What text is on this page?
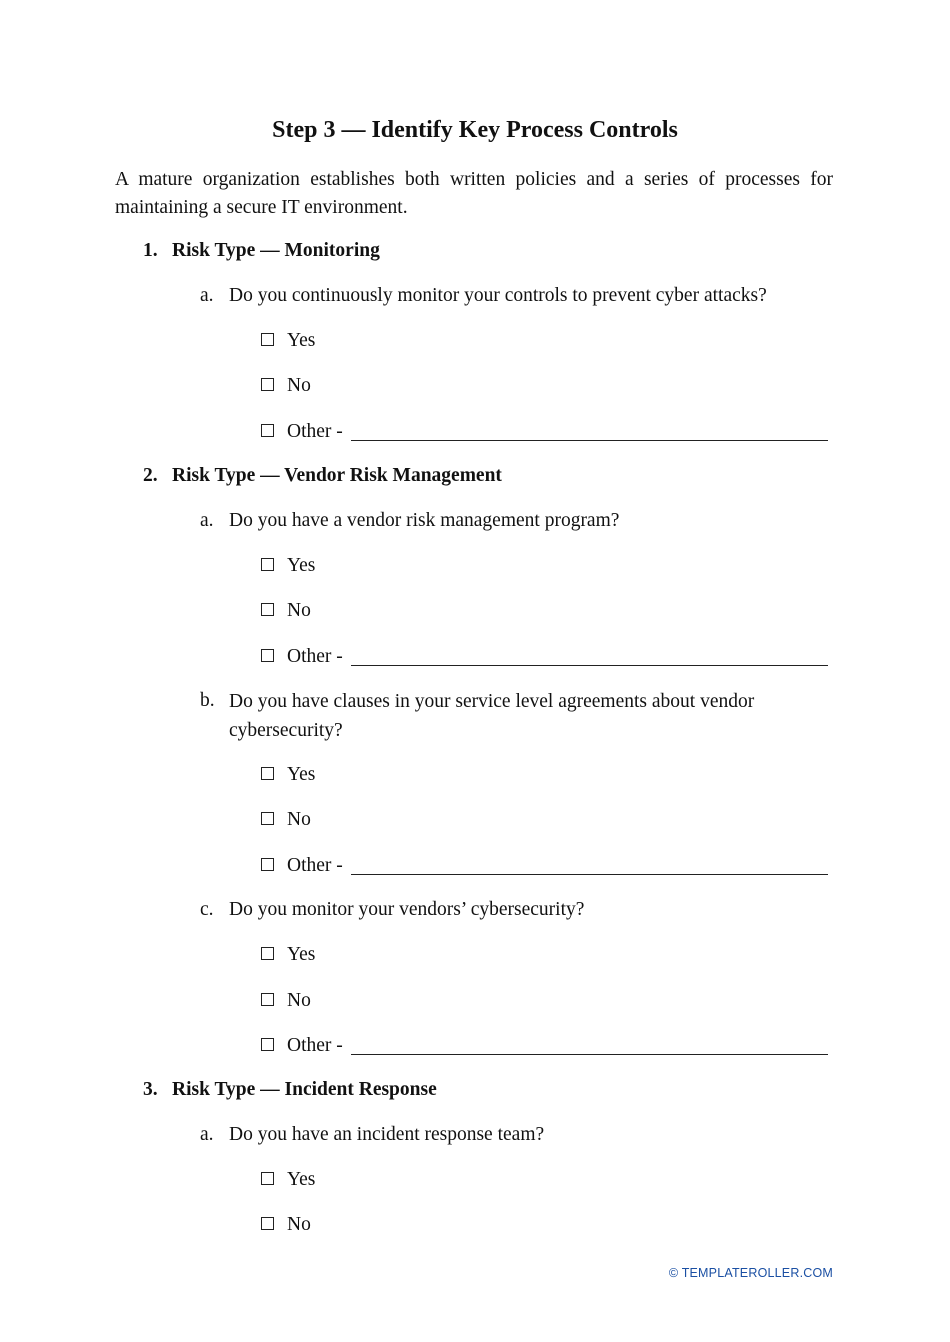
Step 3 — Identify Key Process Controls

A mature organization establishes both written policies and a series of processes for maintaining a secure IT environment.

1. Risk Type — Monitoring
a. Do you continuously monitor your controls to prevent cyber attacks?
Yes
No
Other -
2. Risk Type — Vendor Risk Management
a. Do you have a vendor risk management program?
Yes
No
Other -
b. Do you have clauses in your service level agreements about vendor cybersecurity?
Yes
No
Other -
c. Do you monitor your vendors’ cybersecurity?
Yes
No
Other -
3. Risk Type — Incident Response
a. Do you have an incident response team?
Yes
No
© TEMPLATEROLLER.COM
